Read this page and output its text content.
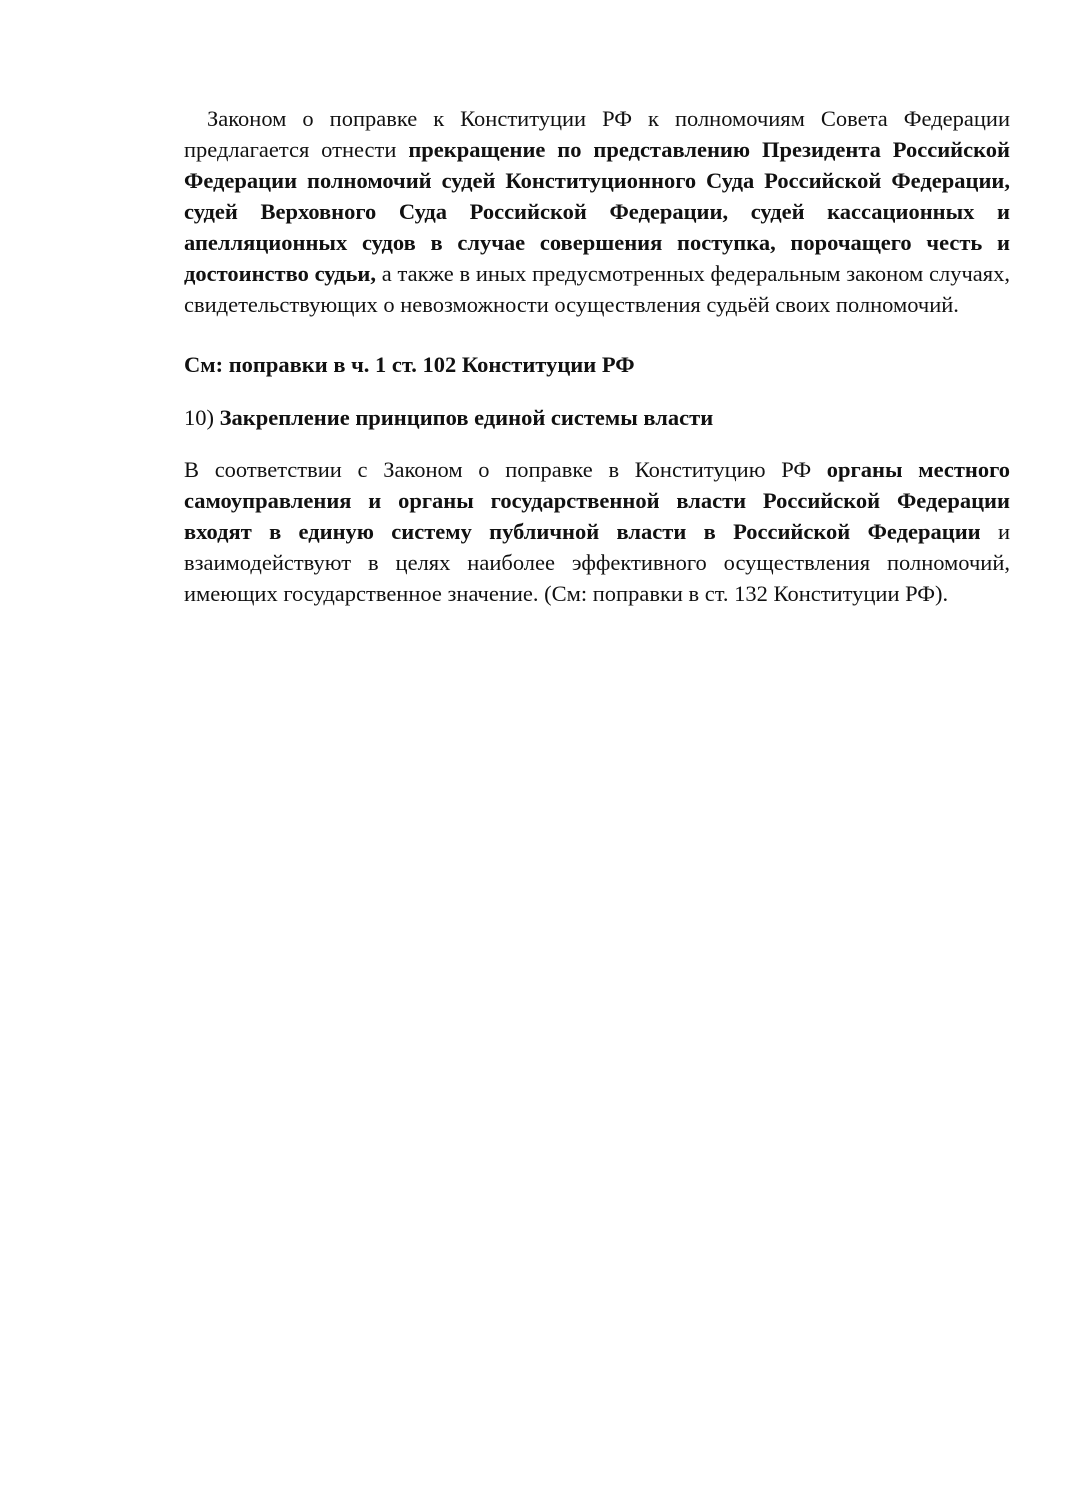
Законом о поправке к Конституции РФ к полномочиям Совета Федерации предлагается отнести прекращение по представлению Президента Российской Федерации полномочий судей Конституционного Суда Российской Федерации, судей Верховного Суда Российской Федерации, судей кассационных и апелляционных судов в случае совершения поступка, порочащего честь и достоинство судьи, а также в иных предусмотренных федеральным законом случаях, свидетельствующих о невозможности осуществления судьёй своих полномочий.

См: поправки в ч. 1 ст. 102 Конституции РФ

10) Закрепление принципов единой системы власти

В соответствии с Законом о поправке в Конституцию РФ органы местного самоуправления и органы государственной власти Российской Федерации входят в единую систему публичной власти в Российской Федерации и взаимодействуют в целях наиболее эффективного осуществления полномочий, имеющих государственное значение. (См: поправки в ст. 132 Конституции РФ).
